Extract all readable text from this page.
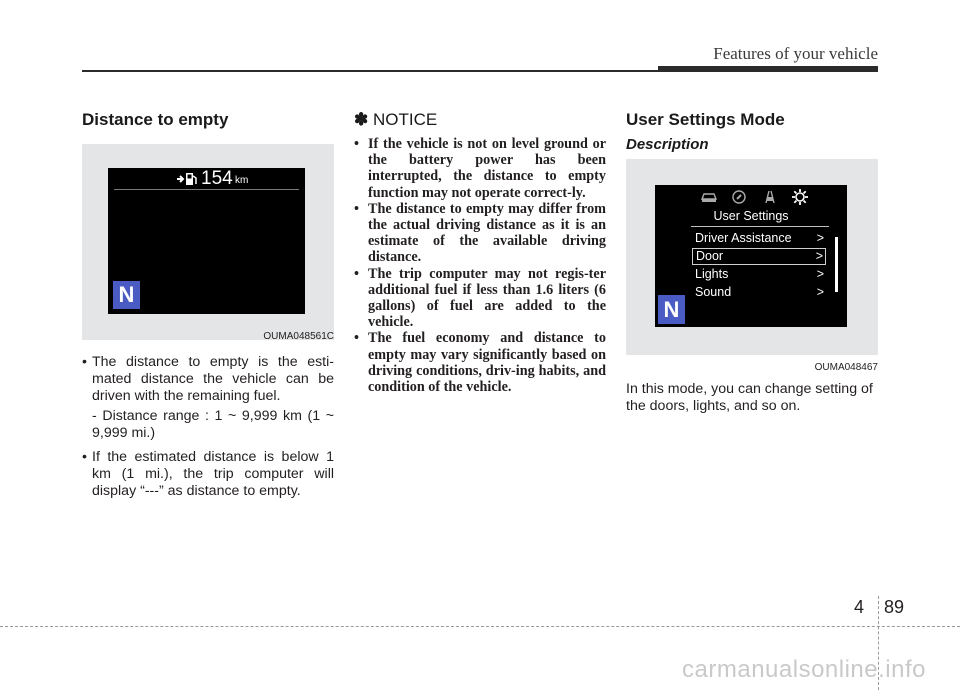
Features of your vehicle
Distance to empty
154 km
N
OUMA048561C
• The distance to empty is the esti-mated distance the vehicle can be driven with the remaining fuel.
- Distance range : 1 ~ 9,999 km (1 ~ 9,999 mi.)
• If the estimated distance is below 1 km (1 mi.), the trip computer will display “---” as distance to empty.
✽ NOTICE
• If the vehicle is not on level ground or the battery power has been interrupted, the distance to empty function may not operate correct-ly.
• The distance to empty may differ from the actual driving distance as it is an estimate of the available driving distance.
• The trip computer may not regis-ter additional fuel if less than 1.6 liters (6 gallons) of fuel are added to the vehicle.
• The fuel economy and distance to empty may vary significantly based on driving conditions, driv-ing habits, and condition of the vehicle.
User Settings Mode
Description
User Settings
Driver Assistance >
Door	>
Lights	>
Sound	>
N
OUMA048467

In this mode, you can change setting of the doors, lights, and so on.

4 89
carmanualsonline.info
